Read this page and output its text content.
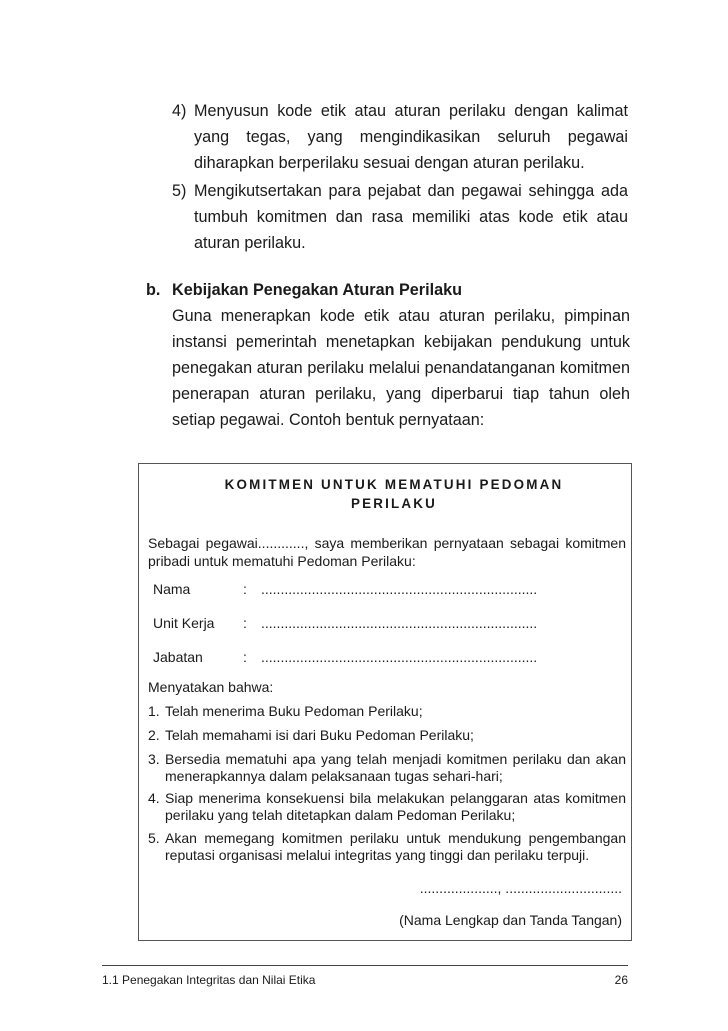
4) Menyusun kode etik atau aturan perilaku dengan kalimat yang tegas, yang mengindikasikan seluruh pegawai diharapkan berperilaku sesuai dengan aturan perilaku.
5) Mengikutsertakan para pejabat dan pegawai sehingga ada tumbuh komitmen dan rasa memiliki atas kode etik atau aturan perilaku.
b. Kebijakan Penegakan Aturan Perilaku
Guna menerapkan kode etik atau aturan perilaku, pimpinan instansi pemerintah menetapkan kebijakan pendukung untuk penegakan aturan perilaku melalui penandatanganan komitmen penerapan aturan perilaku, yang diperbarui tiap tahun oleh setiap pegawai. Contoh bentuk pernyataan:
KOMITMEN UNTUK MEMATUHI PEDOMAN PERILAKU
Sebagai pegawai............, saya memberikan pernyataan sebagai komitmen pribadi untuk mematuhi Pedoman Perilaku:
Nama	: .......................................................................
Unit Kerja	: .......................................................................
Jabatan	: .......................................................................
Menyatakan bahwa:
1. Telah menerima Buku Pedoman Perilaku;
2. Telah memahami isi dari Buku Pedoman Perilaku;
3. Bersedia mematuhi apa yang telah menjadi komitmen perilaku dan akan menerapkannya dalam pelaksanaan tugas sehari-hari;
4. Siap menerima konsekuensi bila melakukan pelanggaran atas komitmen perilaku yang telah ditetapkan dalam Pedoman Perilaku;
5. Akan memegang komitmen perilaku untuk mendukung pengembangan reputasi organisasi melalui integritas yang tinggi dan perilaku terpuji.
...................., ..............................
(Nama Lengkap dan Tanda Tangan)
1.1 Penegakan Integritas dan Nilai Etika	26
